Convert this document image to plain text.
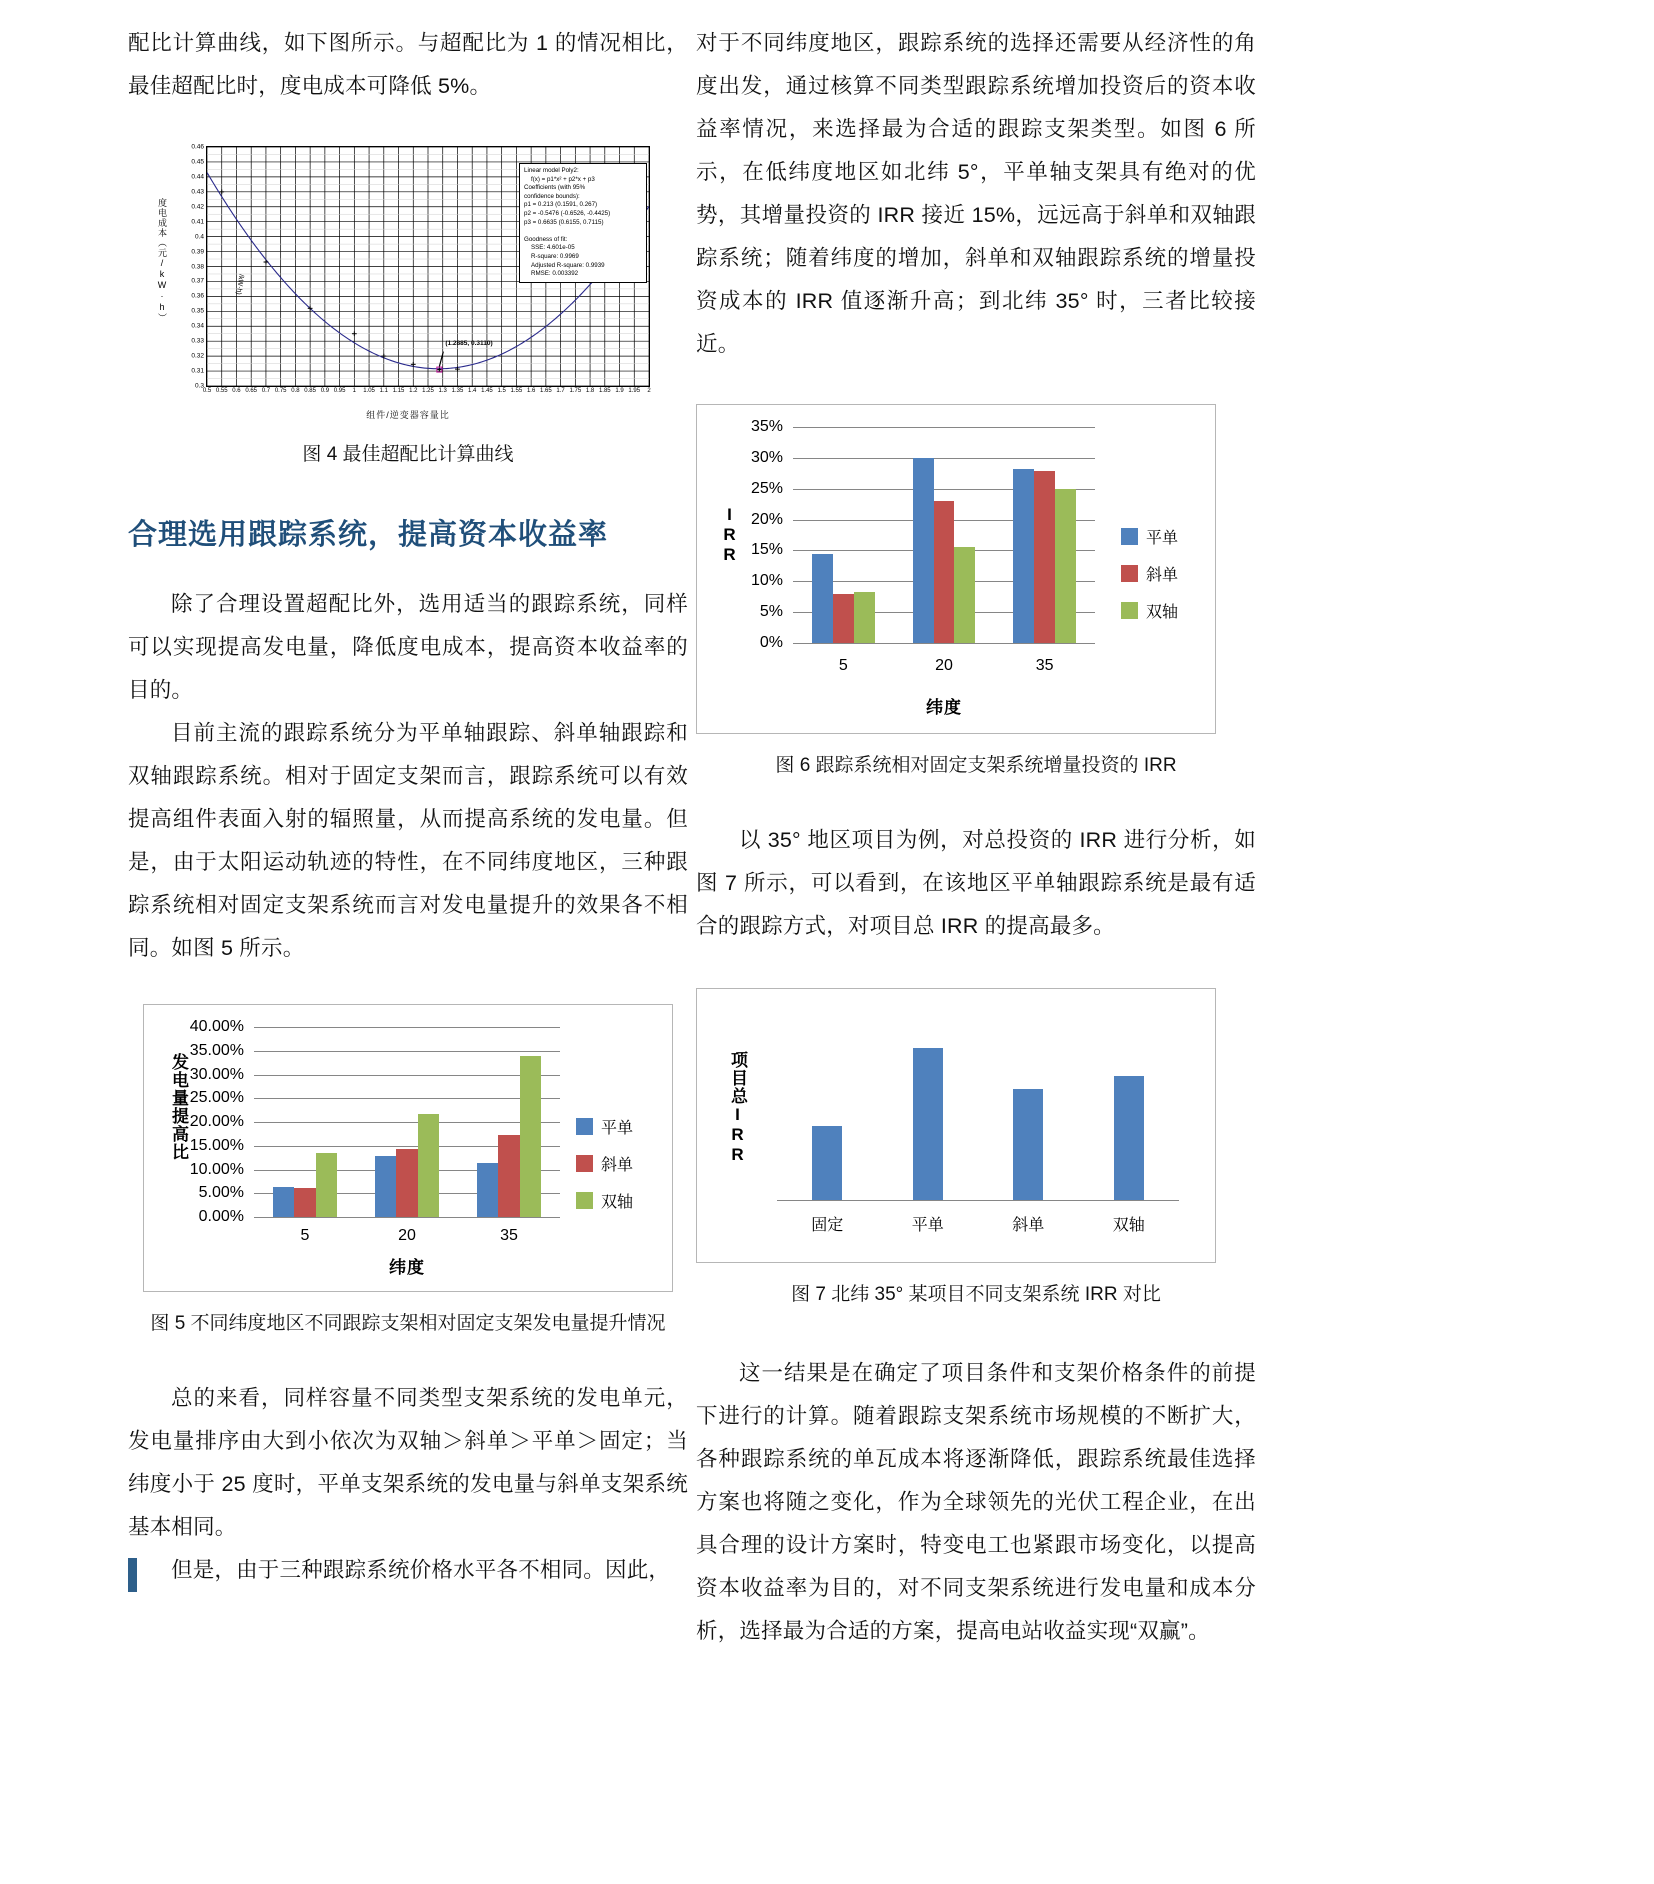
配比计算曲线，如下图所示。与超配比为 1 的情况相比，最佳超配比时，度电成本可降低 5%。

度电成本（元/kW·h）
0.46
0.45
0.44
0.43
0.42
0.41
0.4
0.39
0.38
0.37
0.36
0.35
0.34
0.33
0.32
0.31
0.3
0.5 0.55 0.6 0.65 0.7 0.75 0.8 0.85 0.9 0.95 1 1.05 1.1 1.15 1.2 1.25 1.3 1.35 1.4 1.45 1.5 1.55 1.6 1.65 1.7 1.75 1.8 1.85 1.9 1.95 2
Linear model Poly2:
f(x) = p1*x² + p2*x + p3
Coefficients (with 95%
confidence bounds):
p1 = 0.213 (0.1591, 0.267)
p2 = -0.5476 (-0.6526, -0.4425)
p3 = 0.6635 (0.6155, 0.7115)

Goodness of fit:
SSE: 4.601e-05
R-square: 0.9969
Adjusted R-square: 0.9939
RMSE: 0.003392
(1.2885, 0.3110)
/kW·h)
组件/逆变器容量比
图 4 最佳超配比计算曲线
合理选用跟踪系统，提高资本收益率

除了合理设置超配比外，选用适当的跟踪系统，同样可以实现提高发电量，降低度电成本，提高资本收益率的目的。

目前主流的跟踪系统分为平单轴跟踪、斜单轴跟踪和双轴跟踪系统。相对于固定支架而言，跟踪系统可以有效提高组件表面入射的辐照量，从而提高系统的发电量。但是，由于太阳运动轨迹的特性，在不同纬度地区，三种跟踪系统相对固定支架系统而言对发电量提升的效果各不相同。如图 5 所示。

发电量提高比
40.00%
35.00%
30.00%
25.00%
20.00%
15.00%
10.00%
5.00%
0.00%
5	20	35
纬度
平单
斜单
双轴
图 5 不同纬度地区不同跟踪支架相对固定支架发电量提升情况

总的来看，同样容量不同类型支架系统的发电单元，发电量排序由大到小依次为双轴＞斜单＞平单＞固定；当纬度小于 25 度时，平单支架系统的发电量与斜单支架系统基本相同。

但是，由于三种跟踪系统价格水平各不相同。因此，

对于不同纬度地区，跟踪系统的选择还需要从经济性的角度出发，通过核算不同类型跟踪系统增加投资后的资本收益率情况，来选择最为合适的跟踪支架类型。如图 6 所示，在低纬度地区如北纬 5°，平单轴支架具有绝对的优势，其增量投资的 IRR 接近 15%，远远高于斜单和双轴跟踪系统；随着纬度的增加，斜单和双轴跟踪系统的增量投资成本的 IRR 值逐渐升高；到北纬 35° 时，三者比较接近。

IRR
35%
30%
25%
20%
15%
10%
5%
0%
5	20	35
纬度
平单
斜单
双轴
图 6 跟踪系统相对固定支架系统增量投资的 IRR

以 35° 地区项目为例，对总投资的 IRR 进行分析，如图 7 所示，可以看到，在该地区平单轴跟踪系统是最有适合的跟踪方式，对项目总 IRR 的提高最多。

项目总IRR
固定	平单	斜单	双轴
图 7 北纬 35° 某项目不同支架系统 IRR 对比

这一结果是在确定了项目条件和支架价格条件的前提下进行的计算。随着跟踪支架系统市场规模的不断扩大，各种跟踪系统的单瓦成本将逐渐降低，跟踪系统最佳选择方案也将随之变化，作为全球领先的光伏工程企业，在出具合理的设计方案时，特变电工也紧跟市场变化，以提高资本收益率为目的，对不同支架系统进行发电量和成本分析，选择最为合适的方案，提高电站收益实现“双赢”。
